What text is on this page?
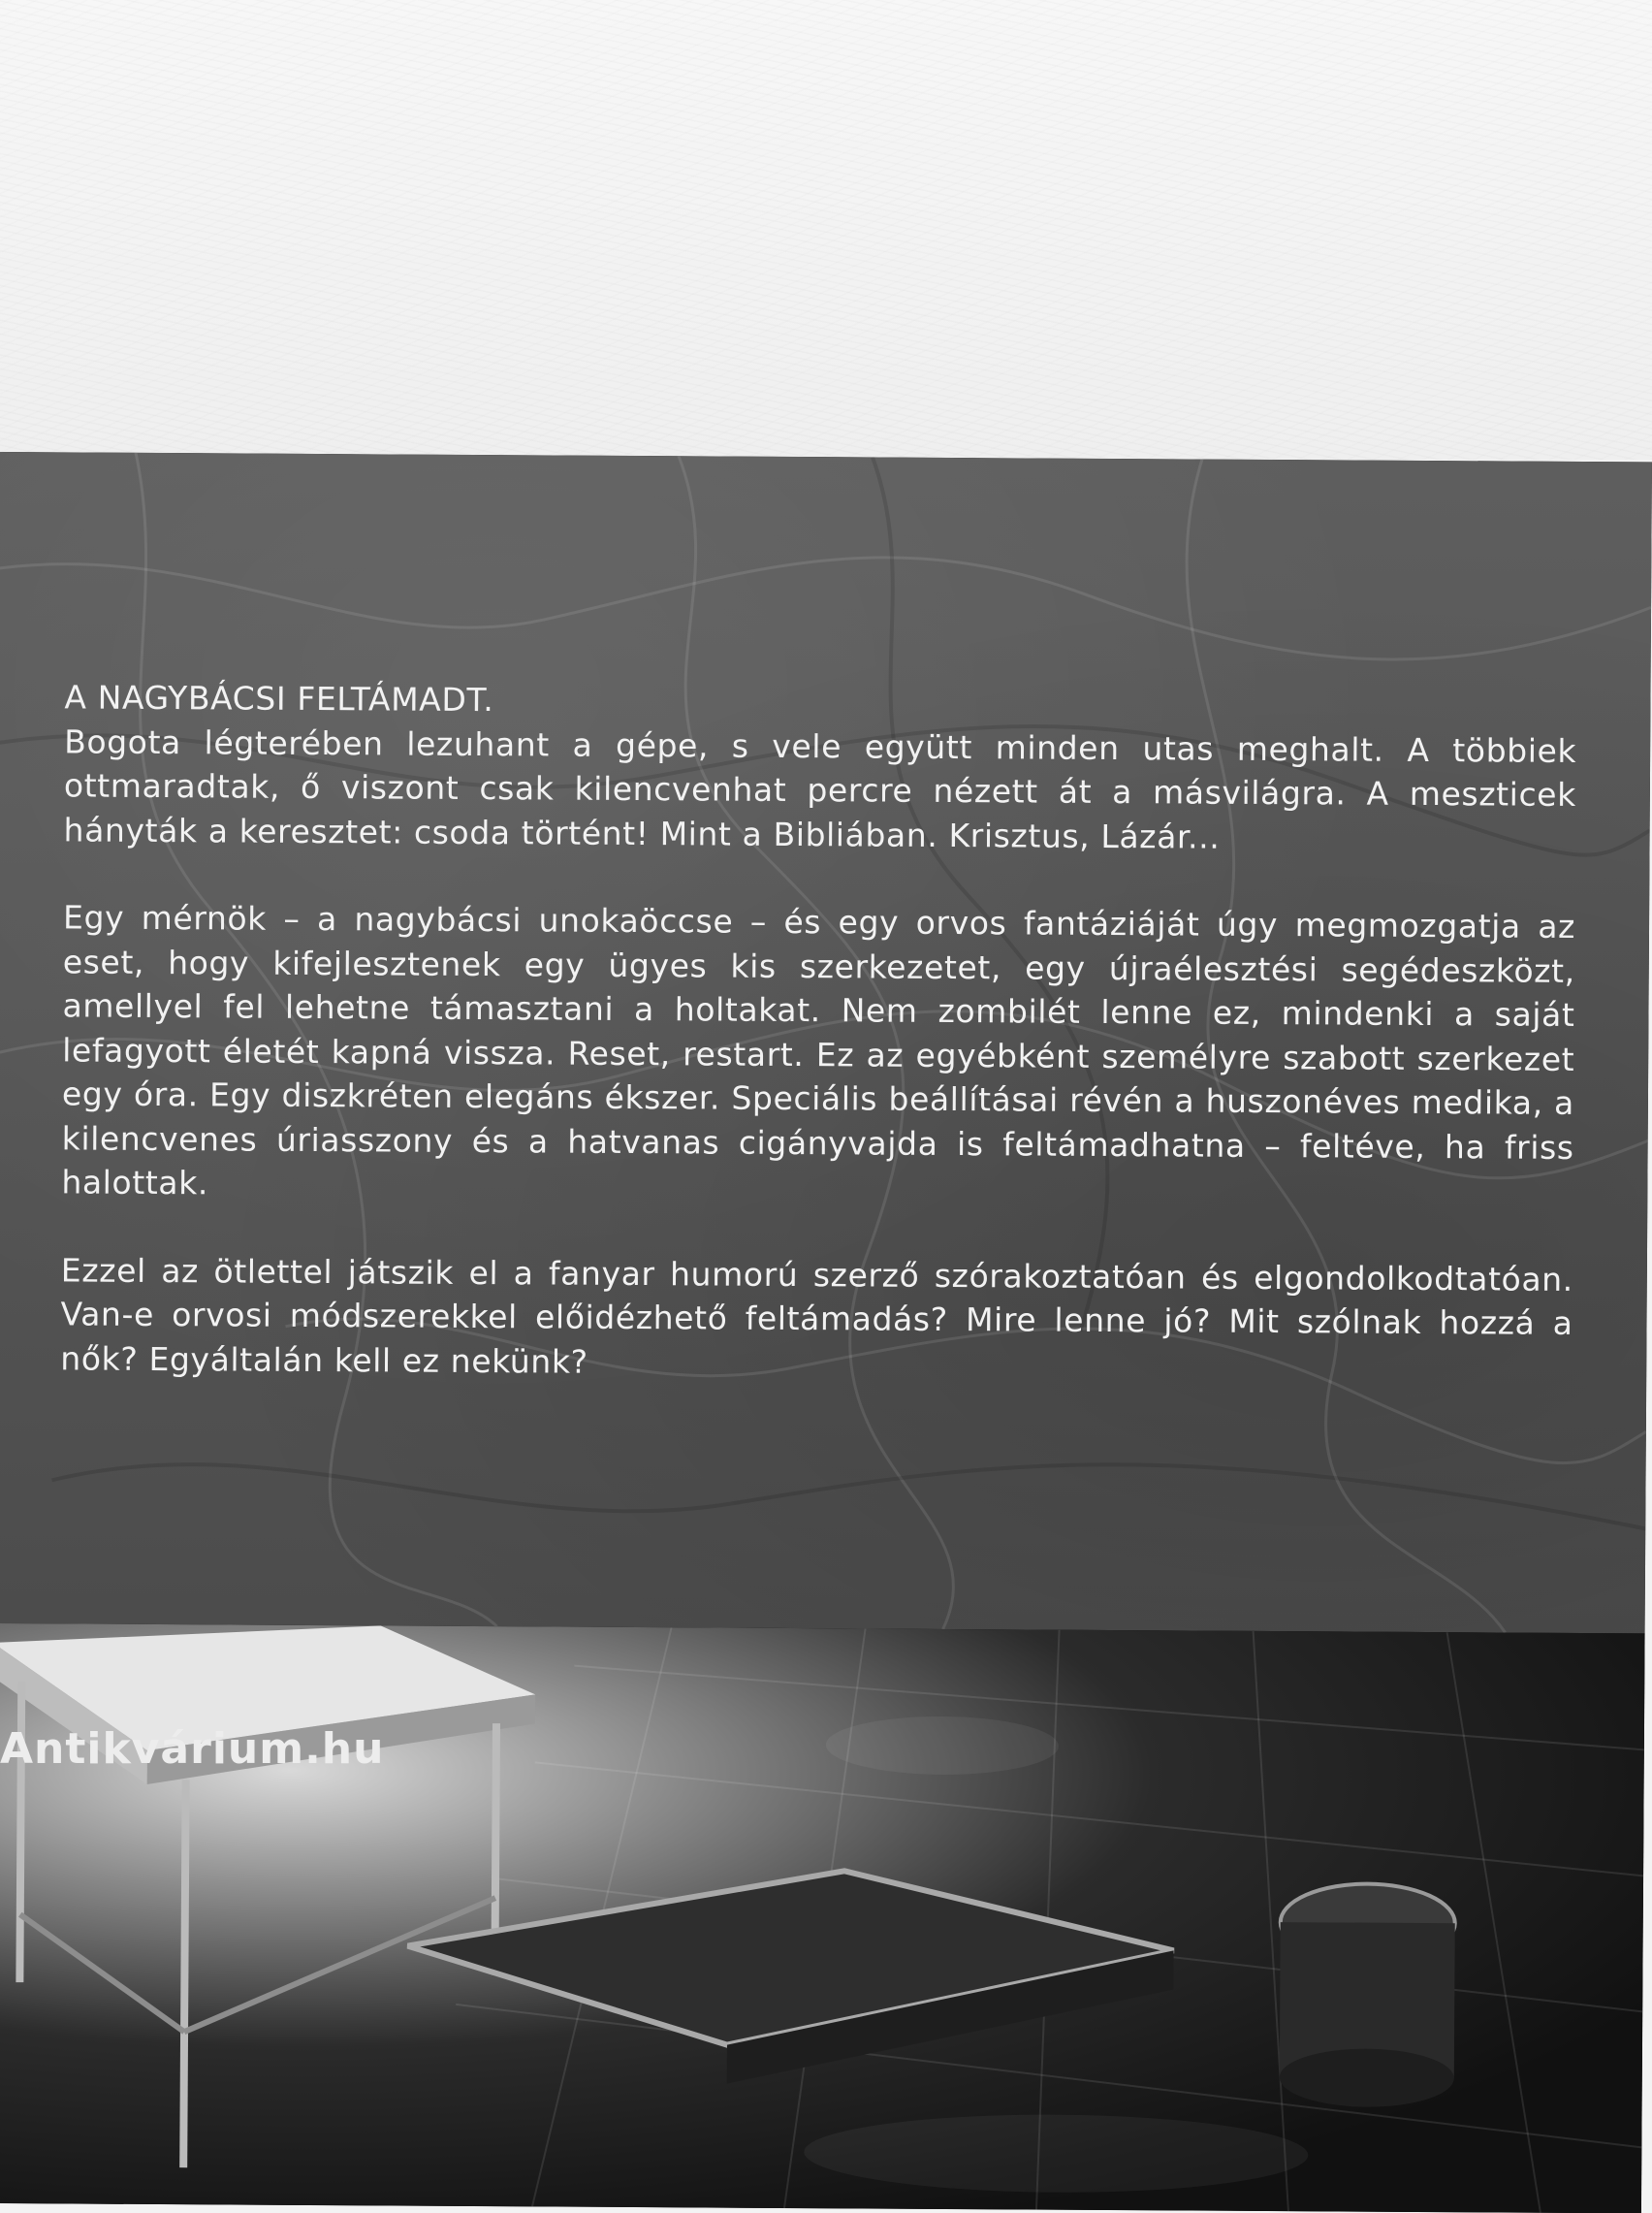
A NAGYBÁCSI FELTÁMADT.

Bogota légterében lezuhant a gépe, s vele együtt minden utas meghalt. A többiek ottmaradtak, ő viszont csak kilencvenhat percre nézett át a másvilágra. A meszticek hányták a keresztet: csoda történt! Mint a Bibliában. Krisztus, Lázár...

Egy mérnök – a nagybácsi unokaöccse – és egy orvos fantáziáját úgy megmozgatja az eset, hogy kifejlesztenek egy ügyes kis szerkezetet, egy újraélesztési segédeszközt, amellyel fel lehetne támasztani a holtakat. Nem zombilét lenne ez, mindenki a saját lefagyott életét kapná vissza. Reset, restart. Ez az egyébként személyre szabott szerkezet egy óra. Egy diszkréten elegáns ékszer. Speciális beállításai révén a huszonéves medika, a kilencvenes úriasszony és a hatvanas cigányvajda is feltámadhatna – feltéve, ha friss halottak.

Ezzel az ötlettel játszik el a fanyar humorú szerző szórakoztatóan és elgondolkodtatóan. Van-e orvosi módszerekkel előidézhető feltámadás? Mire lenne jó? Mit szólnak hozzá a nők? Egyáltalán kell ez nekünk?

Antikvárium.hu
